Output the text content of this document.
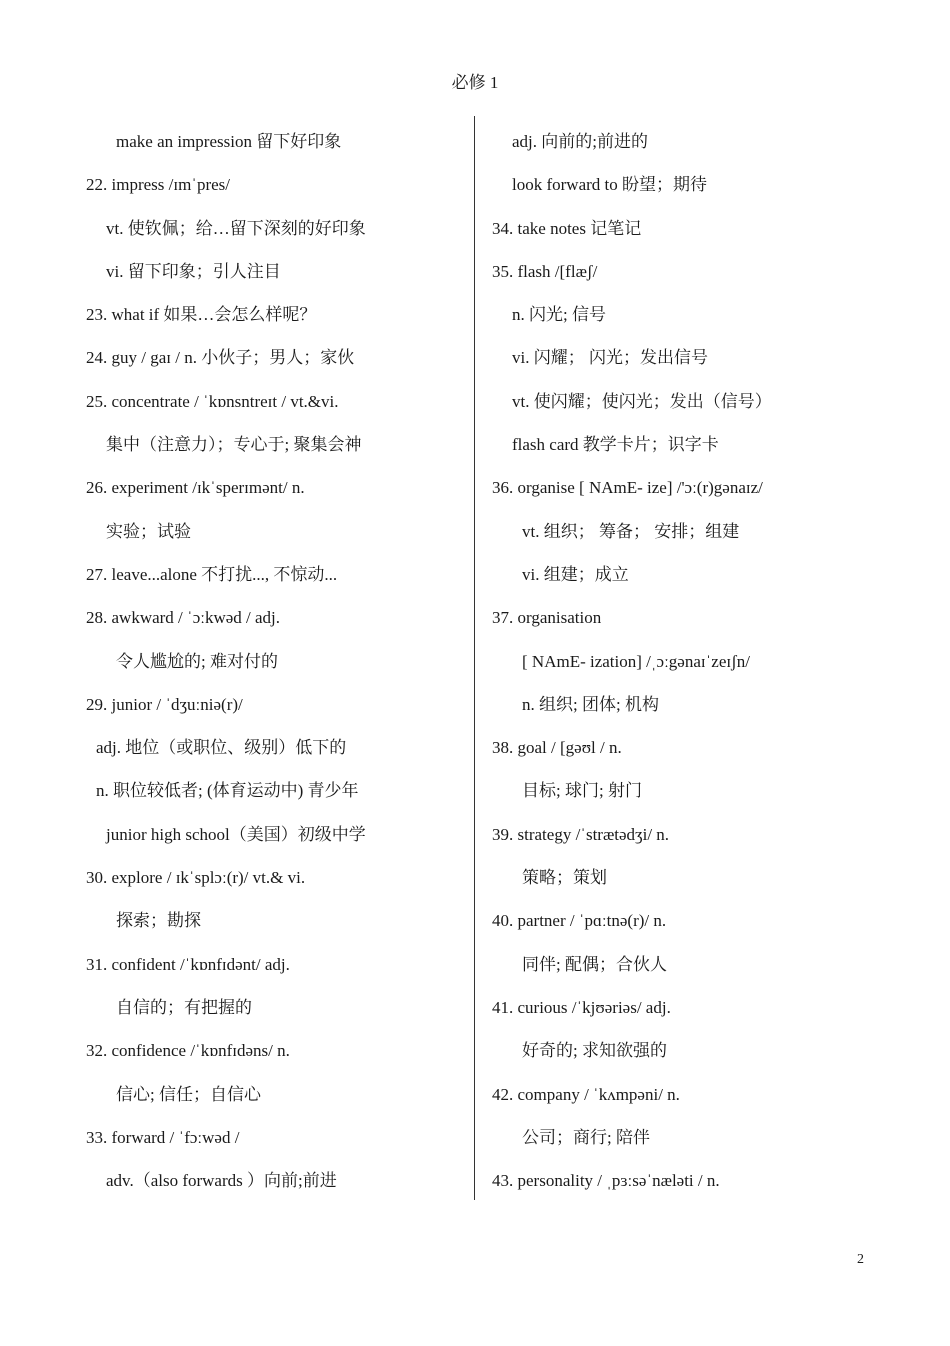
必修 1
make an impression 留下好印象
22. impress /ɪmˈpres/
vt. 使钦佩；给…留下深刻的好印象
vi. 留下印象；引人注目
23. what if 如果…会怎么样呢？
24. guy / gaɪ / n. 小伙子；男人；家伙
25. concentrate / ˈkɒnsntreɪt / vt.&vi.
集中（注意力）；专心于; 聚集会神
26. experiment /ɪkˈsperɪmənt/ n.
实验；试验
27. leave...alone 不打扰..., 不惊动...
28. awkward / ˈɔːkwəd / adj.
令人尴尬的; 难对付的
29. junior / ˈdʒuːniə(r)/
adj. 地位（或职位、级别）低下的
n. 职位较低者; (体育运动中) 青少年
junior high school（美国）初级中学
30. explore / ɪkˈsplɔː(r)/ vt.& vi.
探索；勘探
31. confident /ˈkɒnfɪdənt/ adj.
自信的；有把握的
32. confidence /ˈkɒnfɪdəns/ n.
信心; 信任；自信心
33. forward / ˈfɔːwəd /
adv.（also forwards ）向前;前进
adj. 向前的;前进的
look forward to 盼望；期待
34. take notes 记笔记
35. flash /[flæʃ/
n. 闪光; 信号
vi. 闪耀； 闪光；发出信号
vt. 使闪耀；使闪光；发出（信号）
flash card 教学卡片；识字卡
36. organise [ NAmE- ize] /'ɔː(r)gənaɪz/
vt. 组织； 筹备； 安排；组建
vi. 组建；成立
37. organisation
[ NAmE- ization] /ˌɔːgənaɪˈzeɪʃn/
n. 组织; 团体; 机构
38. goal / [gəʊl / n.
目标; 球门; 射门
39. strategy /ˈstrætədʒi/ n.
策略；策划
40. partner / ˈpɑːtnə(r)/ n.
同伴; 配偶；合伙人
41. curious /ˈkjʊəriəs/ adj.
好奇的; 求知欲强的
42. company / ˈkʌmpəni/ n.
公司；商行; 陪伴
43. personality / ˌpɜːsəˈnæləti / n.
2
